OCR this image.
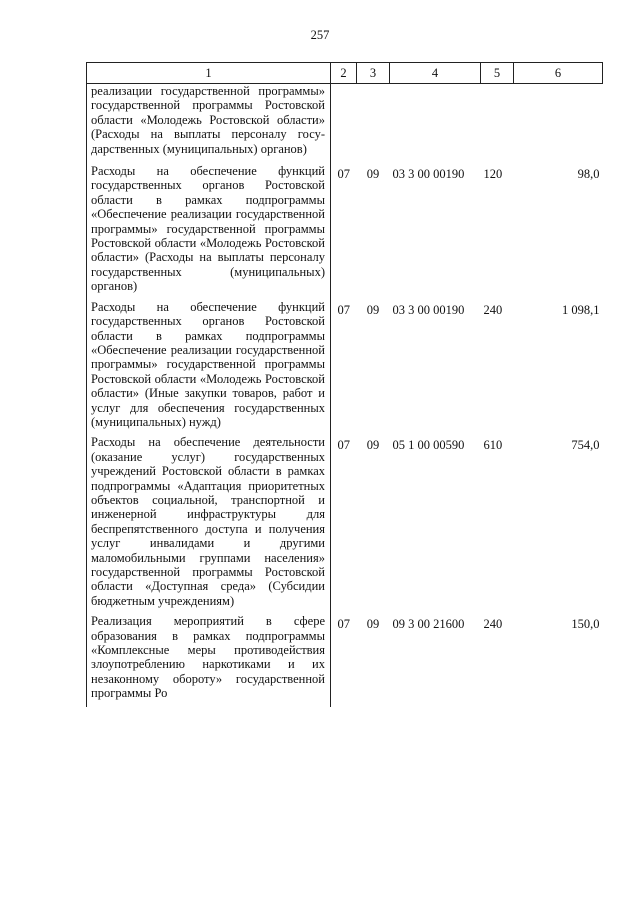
257
1	2	3	4	5	6
реализации государственной программы» государственной программы Ростовской области «Молодежь Ростовской области» (Расходы на выплаты персоналу государственных (муниципальных) органов)					
Расходы на обеспечение функций государственных органов Ростовской области в рамках подпрограммы «Обеспечение реализации государственной программы» государственной программы Ростовской области «Молодежь Ростовской области» (Расходы на выплаты персоналу государственных (муниципальных) органов)	07	09	03 3 00 00190	120	98,0
Расходы на обеспечение функций государственных органов Ростовской области в рамках подпрограммы «Обеспечение реализации государственной программы» государственной программы Ростовской области «Молодежь Ростовской области» (Иные закупки товаров, работ и услуг для обеспечения государственных (муниципальных) нужд)	07	09	03 3 00 00190	240	1 098,1
Расходы на обеспечение деятельности (оказание услуг) государственных учреждений Ростовской области в рамках подпрограммы «Адаптация приоритетных объектов социальной, транспортной и инженерной инфраструктуры для беспрепятственного доступа и получения услуг инвалидами и другими маломобильными группами населения» государственной программы Ростовской области «Доступная среда» (Субсидии бюджетным учреждениям)	07	09	05 1 00 00590	610	754,0
Реализация мероприятий в сфере образования в рамках подпрограммы «Комплексные меры противодействия злоупотреблению наркотиками и их незаконному обороту» государственной программы Ро	07	09	09 3 00 21600	240	150,0
